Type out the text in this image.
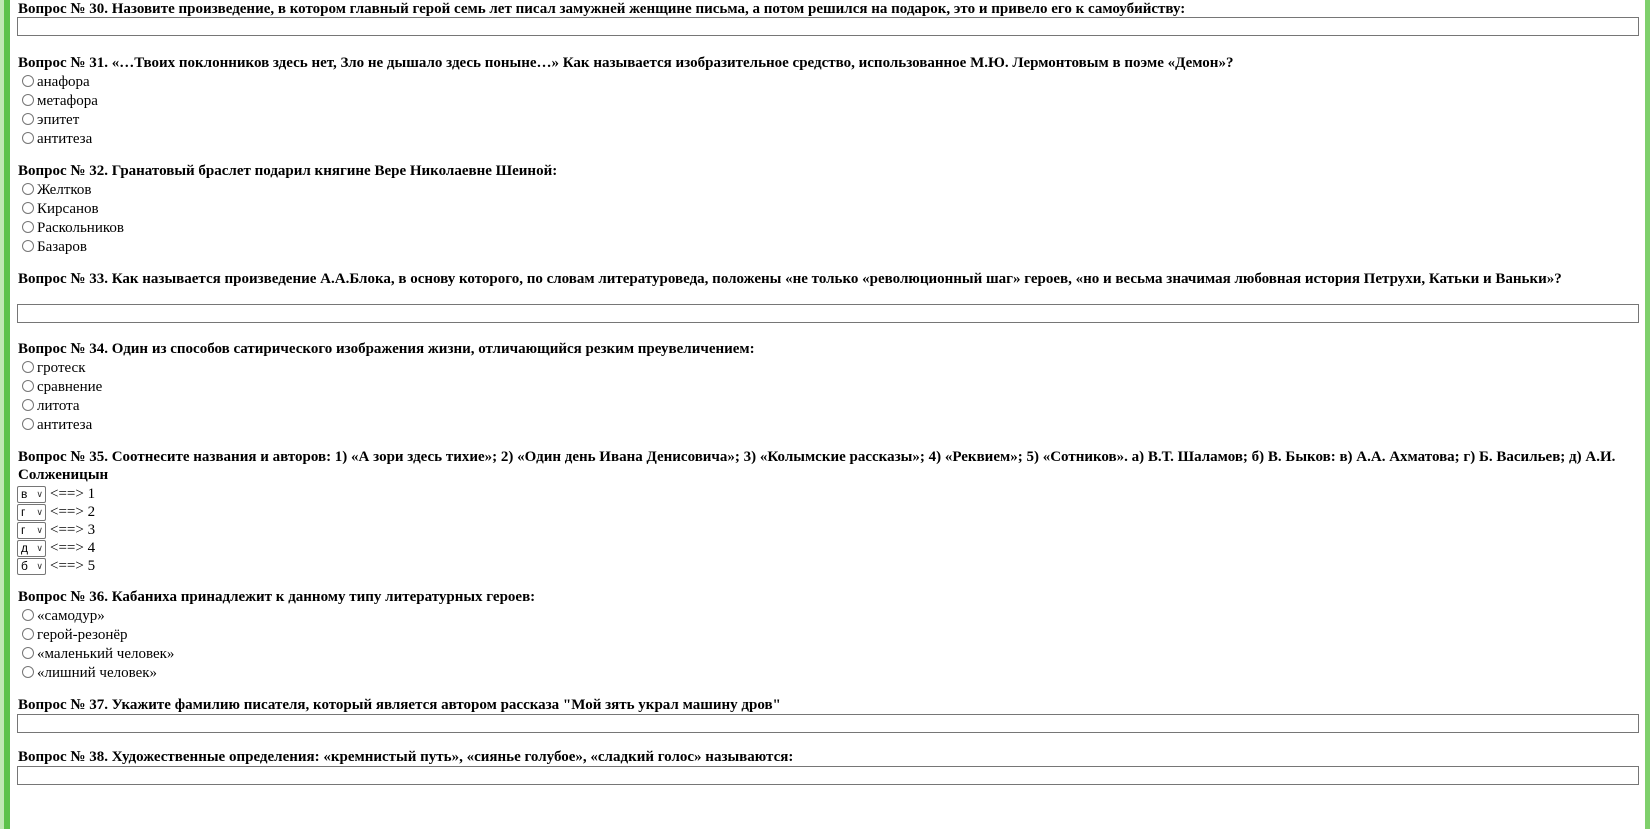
Вопрос № 30. Назовите произведение, в котором главный герой семь лет писал замужней женщине письма, а потом решился на подарок, это и привело его к самоубийству:
Вопрос № 31. «…Твоих поклонников здесь нет, Зло не дышало здесь поныне…» Как называется изобразительное средство, использованное М.Ю. Лермонтовым в поэме «Демон»?
анафора
метафора
эпитет
антитеза
Вопрос № 32. Гранатовый браслет подарил княгине Вере Николаевне Шеиной:
Желтков
Кирсанов
Раскольников
Базаров
Вопрос № 33. Как называется произведение А.А.Блока, в основу которого, по словам литературоведа, положены «не только «революционный шаг» героев, «но и весьма значимая любовная история Петрухи, Катьки и Ваньки»?
Вопрос № 34. Один из способов сатирического изображения жизни, отличающийся резким преувеличением:
гротеск
сравнение
литота
антитеза
Вопрос № 35. Соотнесите названия и авторов: 1) «А зори здесь тихие»; 2) «Один день Ивана Денисовича»; 3) «Колымские рассказы»; 4) «Реквием»; 5) «Сотников». а) В.Т. Шаламов; б) В. Быков: в) А.А. Ахматова; г) Б. Васильев; д) А.И. Солженицын
в ∨ <==> 1
г ∨ <==> 2
г ∨ <==> 3
д ∨ <==> 4
б ∨ <==> 5
Вопрос № 36. Кабаниха принадлежит к данному типу литературных героев:
«самодур»
герой-резонёр
«маленький человек»
«лишний человек»
Вопрос № 37. Укажите фамилию писателя, который является автором рассказа "Мой зять украл машину дров"
Вопрос № 38. Художественные определения: «кремнистый путь», «сиянье голубое», «сладкий голос» называются:
